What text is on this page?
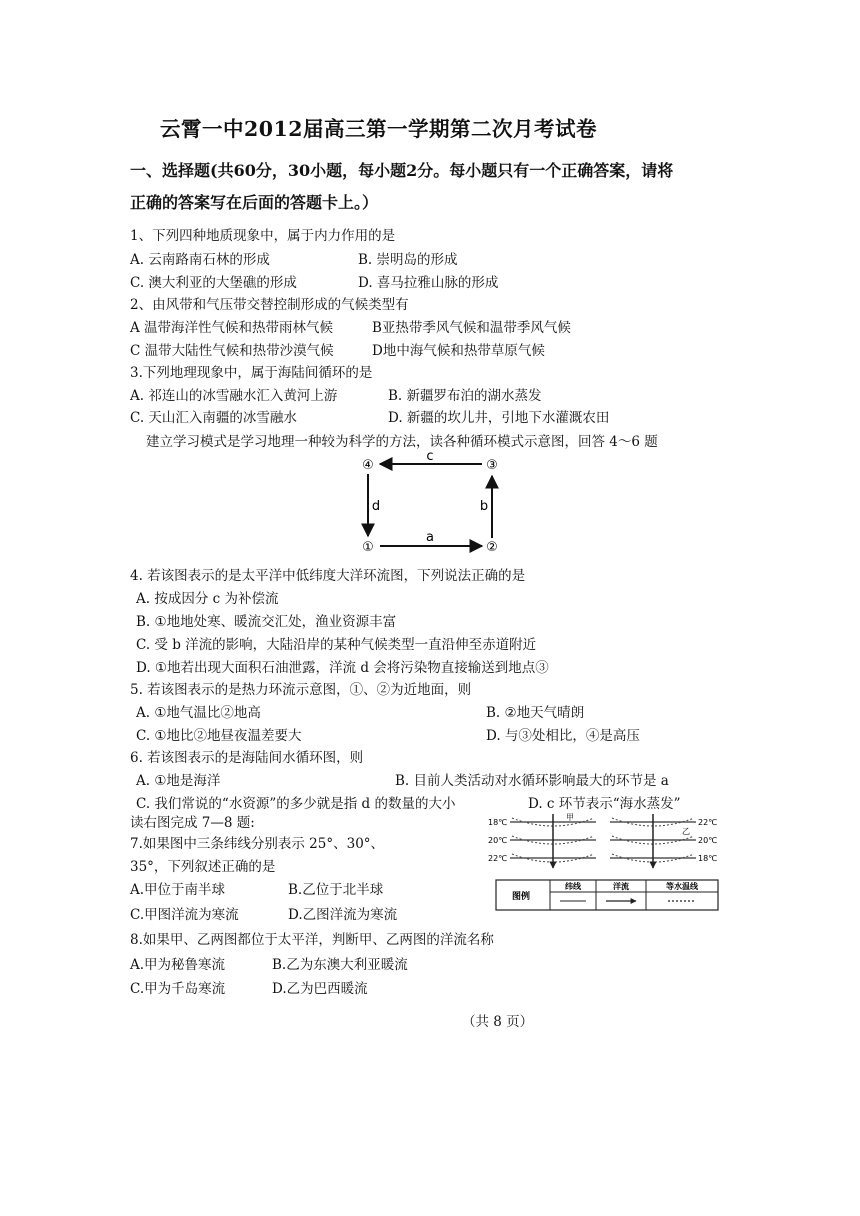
云霄一中2012届高三第一学期第二次月考试卷
一、选择题(共60分，30小题，每小题2分。每小题只有一个正确答案，请将
正确的答案写在后面的答题卡上。）
1、下列四种地质现象中，属于内力作用的是
A. 云南路南石林的形成	B. 崇明岛的形成
C. 澳大利亚的大堡礁的形成	D. 喜马拉雅山脉的形成
2、由风带和气压带交替控制形成的气候类型有
A 温带海洋性气候和热带雨林气候	B亚热带季风气候和温带季风气候
C 温带大陆性气候和热带沙漠气候	D地中海气候和热带草原气候
3.下列地理现象中，属于海陆间循环的是
A. 祁连山的冰雪融水汇入黄河上游	B. 新疆罗布泊的湖水蒸发
C. 天山汇入南疆的冰雪融水	D. 新疆的坎儿井，引地下水灌溉农田
建立学习模式是学习地理一种较为科学的方法，读各种循环模式示意图，回答 4～6 题
④	③
①	②
c
b
a
d
4. 若该图表示的是太平洋中低纬度大洋环流图，下列说法正确的是
A. 按成因分 c 为补偿流
B. ①地地处寒、暖流交汇处，渔业资源丰富
C. 受 b 洋流的影响，大陆沿岸的某种气候类型一直沿伸至赤道附近
D. ①地若出现大面积石油泄露，洋流 d 会将污染物直接输送到地点③
5. 若该图表示的是热力环流示意图，①、②为近地面，则
A. ①地气温比②地高	B. ②地天气晴朗
C. ①地比②地昼夜温差要大	D. 与③处相比，④是高压
6. 若该图表示的是海陆间水循环图，则
A. ①地是海洋	B. 目前人类活动对水循环影响最大的环节是 a
C. 我们常说的“水资源”的多少就是指 d 的数量的大小	D. c 环节表示“海水蒸发”
读右图完成 7—8 题:
7.如果图中三条纬线分别表示 25°、30°、
35°，下列叙述正确的是
A.甲位于南半球	B.乙位于北半球
C.甲图洋流为寒流	D.乙图洋流为寒流
8.如果甲、乙两图都位于太平洋，判断甲、乙两图的洋流名称
A.甲为秘鲁寒流	B.乙为东澳大利亚暖流
C.甲为千岛寒流	D.乙为巴西暖流
18℃
20℃
22℃
甲
22℃
20℃
18℃
乙
图例
纬线	洋流	等水温线
（共 8 页）
